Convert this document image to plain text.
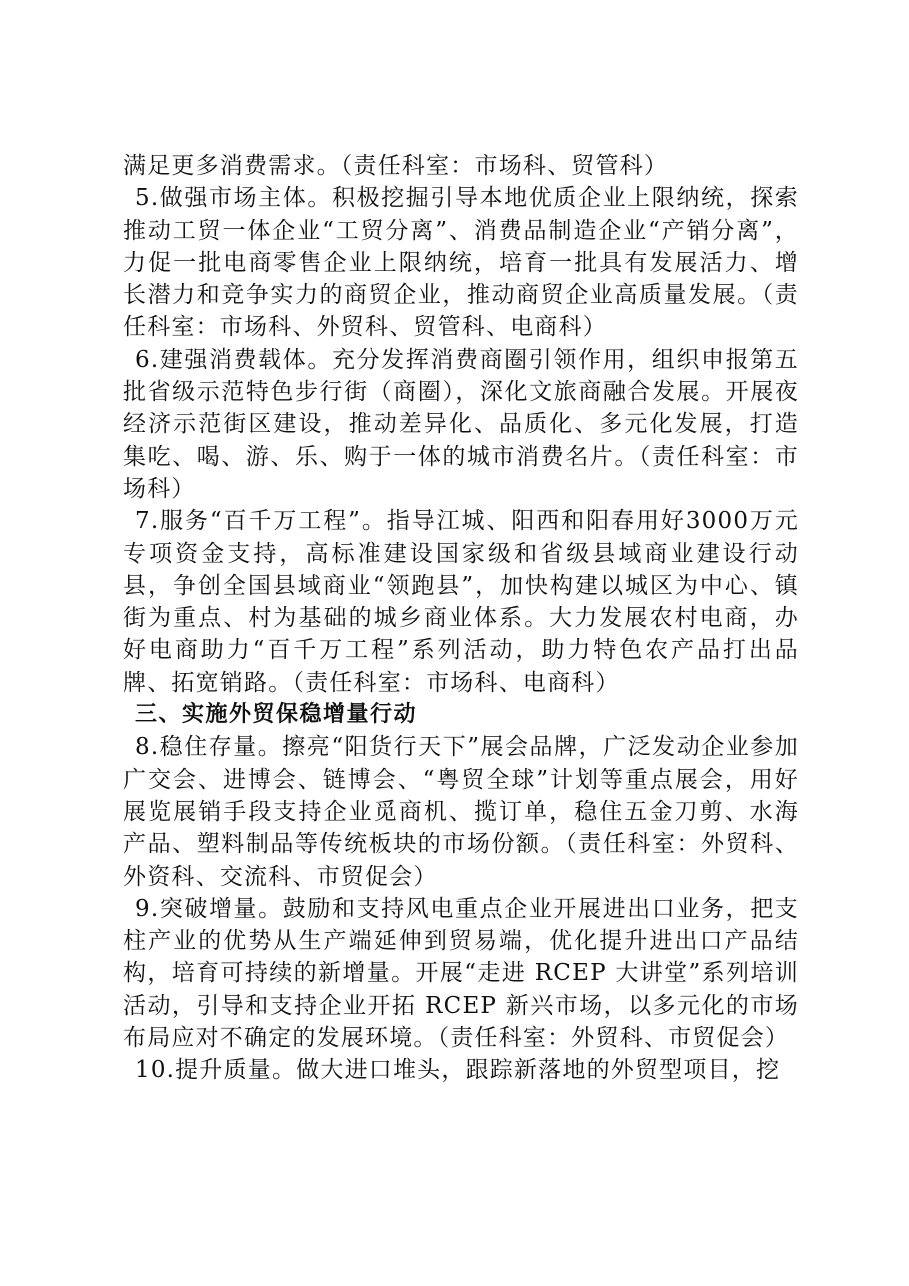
满足更多消费需求。（责任科室：市场科、贸管科）

5.做强市场主体。积极挖掘引导本地优质企业上限纳统，探索推动工贸一体企业“工贸分离”、消费品制造企业“产销分离”，力促一批电商零售企业上限纳统，培育一批具有发展活力、增长潜力和竞争实力的商贸企业，推动商贸企业高质量发展。（责任科室：市场科、外贸科、贸管科、电商科）

6.建强消费载体。充分发挥消费商圈引领作用，组织申报第五批省级示范特色步行街（商圈），深化文旅商融合发展。开展夜经济示范街区建设，推动差异化、品质化、多元化发展，打造集吃、喝、游、乐、购于一体的城市消费名片。（责任科室：市场科）

7.服务“百千万工程”。指导江城、阳西和阳春用好3000万元专项资金支持，高标准建设国家级和省级县域商业建设行动县，争创全国县域商业“领跑县”，加快构建以城区为中心、镇街为重点、村为基础的城乡商业体系。大力发展农村电商，办好电商助力“百千万工程”系列活动，助力特色农产品打出品牌、拓宽销路。（责任科室：市场科、电商科）

三、实施外贸保稳增量行动

8.稳住存量。擦亮“阳货行天下”展会品牌，广泛发动企业参加广交会、进博会、链博会、“粤贸全球”计划等重点展会，用好展览展销手段支持企业觅商机、揽订单，稳住五金刀剪、水海产品、塑料制品等传统板块的市场份额。（责任科室：外贸科、外资科、交流科、市贸促会）

9.突破增量。鼓励和支持风电重点企业开展进出口业务，把支柱产业的优势从生产端延伸到贸易端，优化提升进出口产品结构，培育可持续的新增量。开展“走进 RCEP 大讲堂”系列培训活动，引导和支持企业开拓 RCEP 新兴市场，以多元化的市场布局应对不确定的发展环境。（责任科室：外贸科、市贸促会）

10.提升质量。做大进口堆头，跟踪新落地的外贸型项目，挖
